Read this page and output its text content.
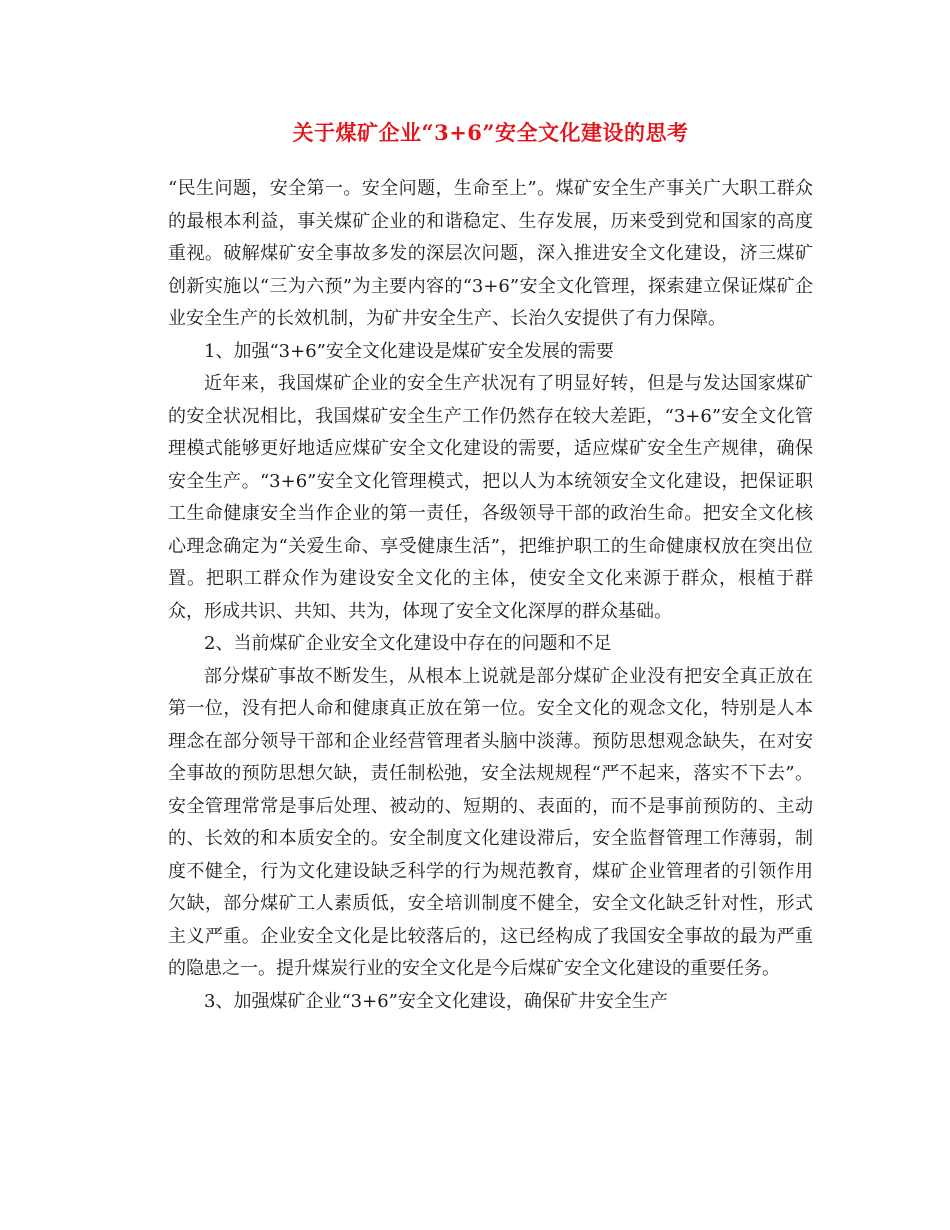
关于煤矿企业“3+6”安全文化建设的思考

“民生问题，安全第一。安全问题，生命至上”。煤矿安全生产事关广大职工群众的最根本利益，事关煤矿企业的和谐稳定、生存发展，历来受到党和国家的高度重视。破解煤矿安全事故多发的深层次问题，深入推进安全文化建设，济三煤矿创新实施以“三为六预”为主要内容的“3+6”安全文化管理，探索建立保证煤矿企业安全生产的长效机制，为矿井安全生产、长治久安提供了有力保障。

1、加强“3+6”安全文化建设是煤矿安全发展的需要

近年来，我国煤矿企业的安全生产状况有了明显好转，但是与发达国家煤矿的安全状况相比，我国煤矿安全生产工作仍然存在较大差距，“3+6”安全文化管理模式能够更好地适应煤矿安全文化建设的需要，适应煤矿安全生产规律，确保安全生产。“3+6”安全文化管理模式，把以人为本统领安全文化建设，把保证职工生命健康安全当作企业的第一责任，各级领导干部的政治生命。把安全文化核心理念确定为“关爱生命、享受健康生活”，把维护职工的生命健康权放在突出位置。把职工群众作为建设安全文化的主体，使安全文化来源于群众，根植于群众，形成共识、共知、共为，体现了安全文化深厚的群众基础。

2、当前煤矿企业安全文化建设中存在的问题和不足

部分煤矿事故不断发生，从根本上说就是部分煤矿企业没有把安全真正放在第一位，没有把人命和健康真正放在第一位。安全文化的观念文化，特别是人本理念在部分领导干部和企业经营管理者头脑中淡薄。预防思想观念缺失，在对安全事故的预防思想欠缺，责任制松弛，安全法规规程“严不起来，落实不下去”。安全管理常常是事后处理、被动的、短期的、表面的，而不是事前预防的、主动的、长效的和本质安全的。安全制度文化建设滞后，安全监督管理工作薄弱，制度不健全，行为文化建设缺乏科学的行为规范教育，煤矿企业管理者的引领作用欠缺，部分煤矿工人素质低，安全培训制度不健全，安全文化缺乏针对性，形式主义严重。企业安全文化是比较落后的，这已经构成了我国安全事故的最为严重的隐患之一。提升煤炭行业的安全文化是今后煤矿安全文化建设的重要任务。

3、加强煤矿企业“3+6”安全文化建设，确保矿井安全生产
